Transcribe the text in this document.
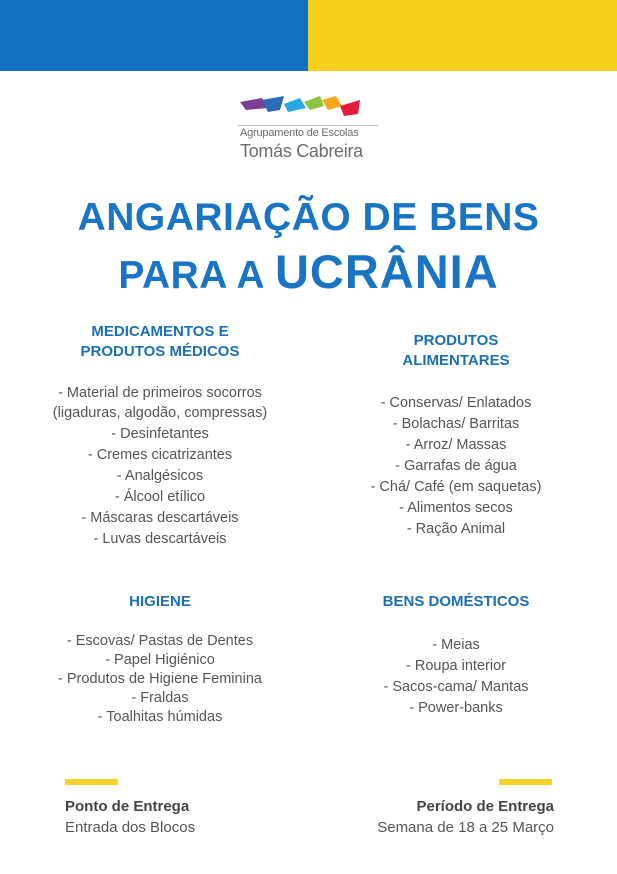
Agrupamento de Escolas
Tomás Cabreira
ANGARIAÇÃO DE BENS
PARA A UCRÂNIA
MEDICAMENTOS E
PRODUTOS MÉDICOS
- Material de primeiros socorros
(ligaduras, algodão, compressas)
- Desinfetantes
- Cremes cicatrizantes
- Analgésicos
- Álcool etílico
- Máscaras descartáveis
- Luvas descartáveis
PRODUTOS
ALIMENTARES
- Conservas/ Enlatados
- Bolachas/ Barritas
- Arroz/ Massas
- Garrafas de água
- Chá/ Café (em saquetas)
- Alimentos secos
- Ração Animal
HIGIENE
- Escovas/ Pastas de Dentes
- Papel Higiénico
- Produtos de Higiene Feminina
- Fraldas
- Toalhitas húmidas
BENS DOMÉSTICOS
- Meias
- Roupa interior
- Sacos-cama/ Mantas
- Power-banks
Ponto de Entrega
Entrada dos Blocos
Período de Entrega
Semana de 18 a 25 Março
